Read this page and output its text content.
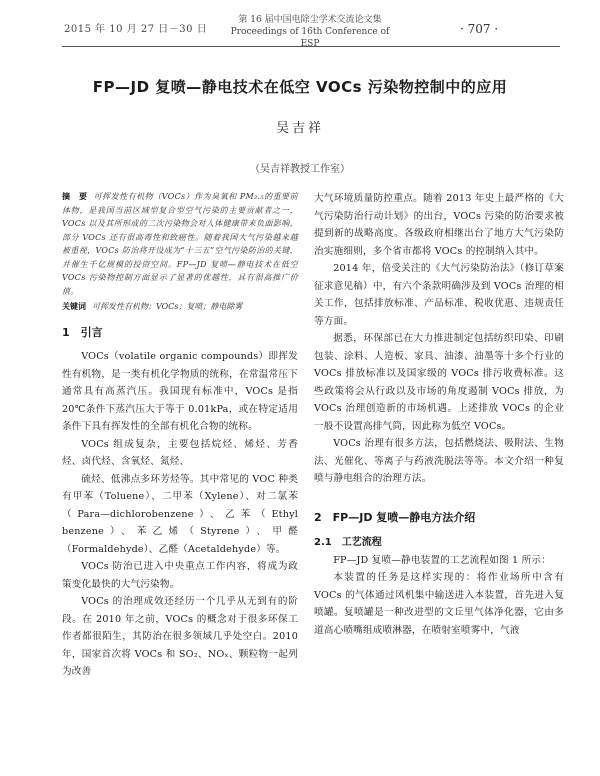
2015 年 10 月 27 日－30 日
第 16 届中国电除尘学术交流论文集
Proceedings of 16th Conference of ESP
· 707 ·
FP—JD 复喷—静电技术在低空 VOCs 污染物控制中的应用
吴吉祥
（吴吉祥教授工作室）
摘　要 可挥发性有机物（VOCs）作为臭氧和 PM₂.₅的重要前体物，是我国当前区域型复合型空气污染的主要贡献者之一，VOCs 以及其所形成的二次污染物会对人体健康带来负面影响，部分 VOCs 还有很高毒性和致癌性。随着我国大气污染越来越被重视，VOCs 防治将开设成为“十三五”空气污染防治的关键，并催生千亿规模的投资空间。FP—JD 复喷—静电技术在低空 VOCs 污染物控制方面显示了显著的优越性，具有很高推广价值。
关键词 可挥发性有机物；VOCs；复喷；静电除雾
1　引言

VOCs（volatile organic compounds）即挥发性有机物，是一类有机化学物质的统称，在常温常压下通常具有高蒸汽压。我国现有标准中，VOCs 是指 20℃条件下蒸汽压大于等于 0.01kPa，或在特定适用条件下具有挥发性的全部有机化合物的统称。

VOCs 组成复杂，主要包括烷烃、烯烃、芳香烃、卤代烃、含氧烃、氮烃、

硫烃、低沸点多环芳烃等。其中常见的 VOC 种类有甲苯（Toluene）、二甲苯（Xylene）、对二氯苯（Para—dichlorobenzene）、乙苯（Ethyl benzene）、苯乙烯（Styrene）、甲醛（Formaldehyde）、乙醛（Acetaldehyde）等。

VOCs 防治已进入中央重点工作内容，将成为政策变化最快的大气污染物。

VOCs 的治理成效还经历一个几乎从无到有的阶段。在 2010 年之前，VOCs 的概念对于很多环保工作者都很陌生，其防治在很多领域几乎处空白。2010 年，国家首次将 VOCs 和 SO₂、NOₓ、颗粒物一起列为改善

大气环境质量防控重点。随着 2013 年史上最严格的《大气污染防治行动计划》的出台，VOCs 污染的防治要求被提到新的战略高度。各级政府相继出台了地方大气污染防治实施细则，多个省市都将 VOCs 的控制纳入其中。

2014 年，倍受关注的《大气污染防治法》（修订草案征求意见稿）中，有六个条款明确涉及到 VOCs 治理的相关工作，包括排放标准、产品标准、税收优惠、违规责任等方面。

据悉，环保部已在大力推进制定包括纺织印染、印刷包装、涂料、人造板、家具、油漆、油墨等十多个行业的 VOCs 排放标准以及国家级的 VOCs 排污收费标准。这些政策将会从行政以及市场的角度遏制 VOCs 排放，为 VOCs 治理创造新的市场机遇。上述排放 VOCs 的企业一般不设置高排气筒，因此称为低空 VOCs。

VOCs 治理有很多方法，包括燃烧法、吸附法、生物法、光催化、等离子与药液洗脱法等等。本文介绍一种复喷与静电组合的治理方法。

2　FP—JD 复喷—静电方法介绍
2.1　工艺流程

FP—JD 复喷—静电装置的工艺流程如图 1 所示：

本装置的任务是这样实现的：将作业场所中含有 VOCs 的气体通过风机集中输送进入本装置，首先进入复喷罐。复喷罐是一种改进型的文丘里气体净化器，它由多道高心喷嘴组成喷淋器，在喷射室喷雾中，气液
